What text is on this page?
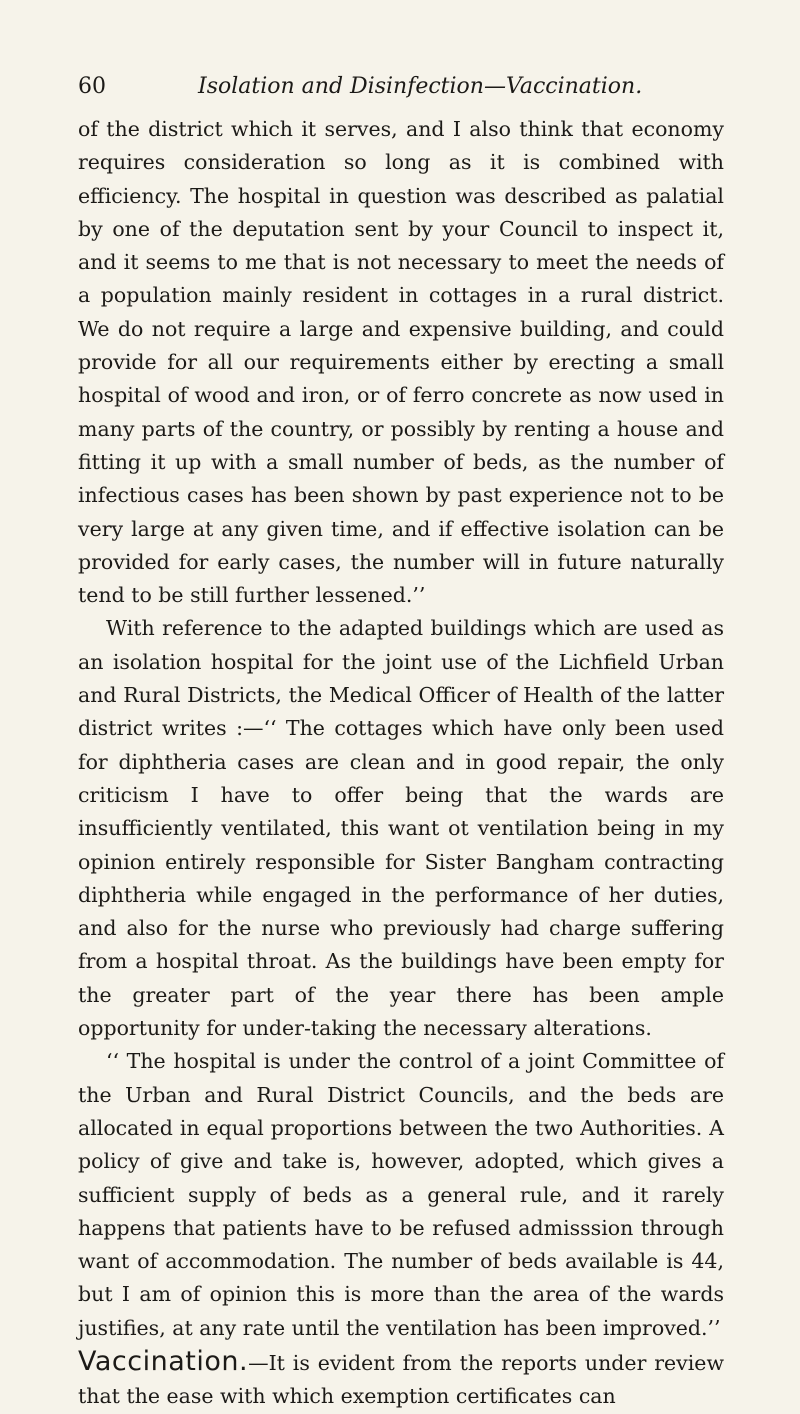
60	Isolation and Disinfection—Vaccination.

of the district which it serves, and I also think that economy requires consideration so long as it is combined with efficiency. The hospital in question was described as palatial by one of the deputation sent by your Council to inspect it, and it seems to me that is not necessary to meet the needs of a population mainly resident in cottages in a rural district. We do not require a large and expensive building, and could provide for all our requirements either by erecting a small hospital of wood and iron, or of ferro concrete as now used in many parts of the country, or possibly by renting a house and fitting it up with a small number of beds, as the number of infectious cases has been shown by past experience not to be very large at any given time, and if effective isolation can be provided for early cases, the number will in future naturally tend to be still further lessened.’’

With reference to the adapted buildings which are used as an isolation hospital for the joint use of the Lichfield Urban and Rural Districts, the Medical Officer of Health of the latter district writes :—‘‘ The cottages which have only been used for diphtheria cases are clean and in good repair, the only criticism I have to offer being that the wards are insufficiently ventilated, this want ot ventilation being in my opinion entirely responsible for Sister Bangham contracting diphtheria while engaged in the performance of her duties, and also for the nurse who previously had charge suffering from a hospital throat. As the buildings have been empty for the greater part of the year there has been ample opportunity for under-taking the necessary alterations.

‘‘ The hospital is under the control of a joint Committee of the Urban and Rural District Councils, and the beds are allocated in equal proportions between the two Authorities. A policy of give and take is, however, adopted, which gives a sufficient supply of beds as a general rule, and it rarely happens that patients have to be refused admisssion through want of accommodation. The number of beds available is 44, but I am of opinion this is more than the area of the wards justifies, at any rate until the ventilation has been improved.’’

Vaccination.—It is evident from the reports under review that the ease with which exemption certificates can
